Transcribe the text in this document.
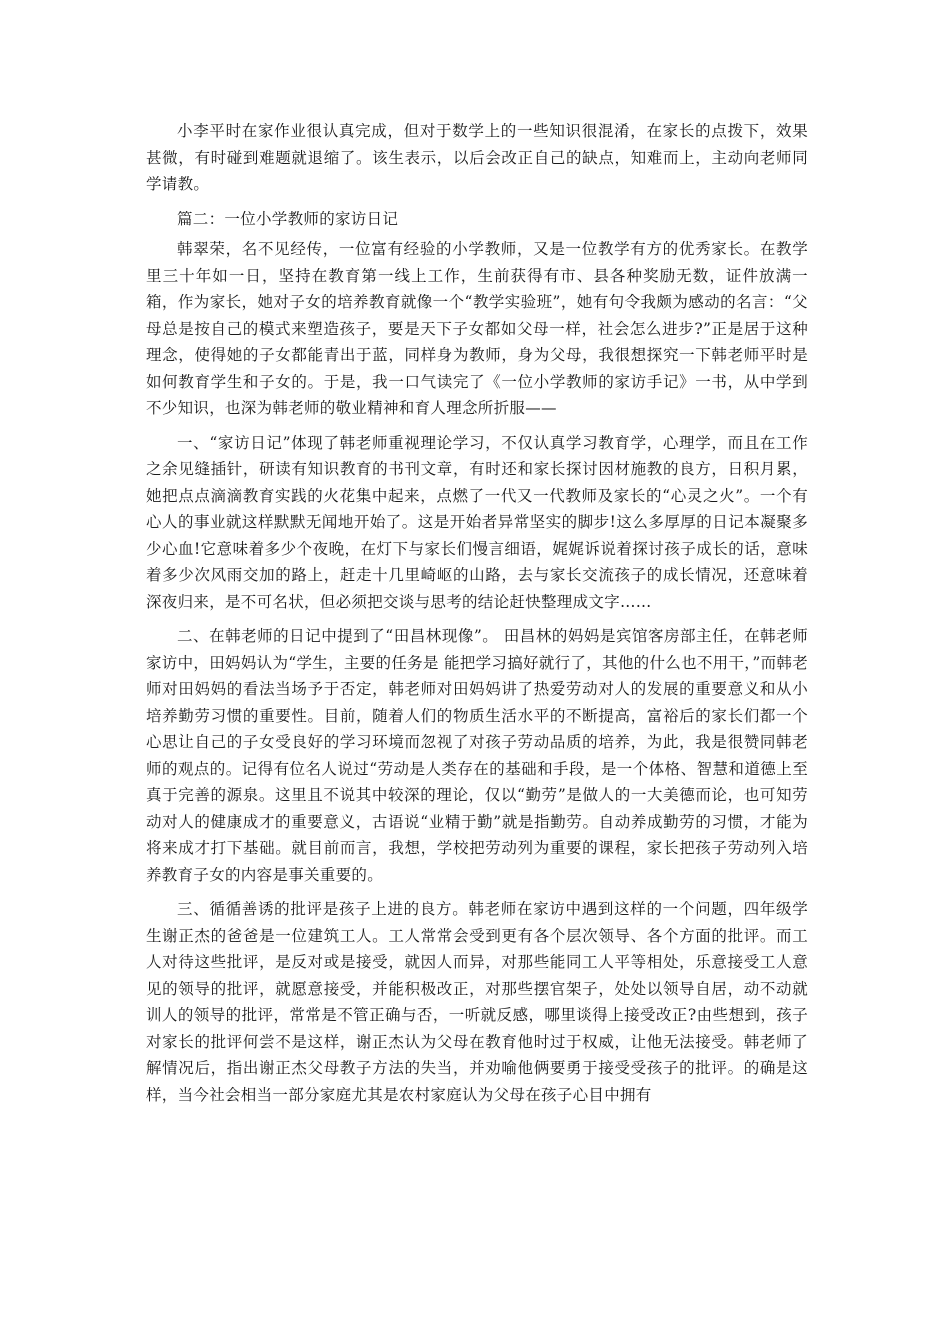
小李平时在家作业很认真完成，但对于数学上的一些知识很混淆，在家长的点拨下，效果甚微，有时碰到难题就退缩了。该生表示，以后会改正自己的缺点，知难而上，主动向老师同学请教。

篇二：一位小学教师的家访日记

韩翠荣，名不见经传，一位富有经验的小学教师，又是一位教学有方的优秀家长。在教学里三十年如一日，坚持在教育第一线上工作，生前获得有市、县各种奖励无数，证件放满一箱，作为家长，她对子女的培养教育就像一个“教学实验班”，她有句令我颇为感动的名言：“父母总是按自己的模式来塑造孩子，要是天下子女都如父母一样，社会怎么进步?”正是居于这种理念，使得她的子女都能青出于蓝，同样身为教师，身为父母，我很想探究一下韩老师平时是如何教育学生和子女的。于是，我一口气读完了《一位小学教师的家访手记》一书，从中学到不少知识，也深为韩老师的敬业精神和育人理念所折服——

一、“家访日记”体现了韩老师重视理论学习，不仅认真学习教育学，心理学，而且在工作之余见缝插针，研读有知识教育的书刊文章，有时还和家长探讨因材施教的良方，日积月累，她把点点滴滴教育实践的火花集中起来，点燃了一代又一代教师及家长的“心灵之火”。一个有心人的事业就这样默默无闻地开始了。这是开始者异常坚实的脚步!这么多厚厚的日记本凝聚多少心血!它意味着多少个夜晚，在灯下与家长们慢言细语，娓娓诉说着探讨孩子成长的话，意味着多少次风雨交加的路上，赶走十几里崎岖的山路，去与家长交流孩子的成长情况，还意味着深夜归来，是不可名状，但必须把交谈与思考的结论赶快整理成文字……

二、在韩老师的日记中提到了“田昌林现像”。 田昌林的妈妈是宾馆客房部主任，在韩老师家访中，田妈妈认为“学生，主要的任务是 能把学习搞好就行了，其他的什么也不用干，”而韩老师对田妈妈的看法当场予于否定，韩老师对田妈妈讲了热爱劳动对人的发展的重要意义和从小培养勤劳习惯的重要性。目前，随着人们的物质生活水平的不断提高，富裕后的家长们都一个心思让自己的子女受良好的学习环境而忽视了对孩子劳动品质的培养，为此，我是很赞同韩老师的观点的。记得有位名人说过“劳动是人类存在的基础和手段，是一个体格、智慧和道德上至真于完善的源泉。这里且不说其中较深的理论，仅以“勤劳”是做人的一大美德而论，也可知劳动对人的健康成才的重要意义，古语说“业精于勤”就是指勤劳。自动养成勤劳的习惯，才能为将来成才打下基础。就目前而言，我想，学校把劳动列为重要的课程，家长把孩子劳动列入培养教育子女的内容是事关重要的。

三、循循善诱的批评是孩子上进的良方。韩老师在家访中遇到这样的一个问题，四年级学生谢正杰的爸爸是一位建筑工人。工人常常会受到更有各个层次领导、各个方面的批评。而工人对待这些批评，是反对或是接受，就因人而异，对那些能同工人平等相处，乐意接受工人意见的领导的批评，就愿意接受，并能积极改正，对那些摆官架子，处处以领导自居，动不动就训人的领导的批评，常常是不管正确与否，一听就反感，哪里谈得上接受改正?由些想到，孩子对家长的批评何尝不是这样，谢正杰认为父母在教育他时过于权威，让他无法接受。韩老师了解情况后，指出谢正杰父母教子方法的失当，并劝喻他俩要勇于接受受孩子的批评。的确是这样，当今社会相当一部分家庭尤其是农村家庭认为父母在孩子心目中拥有
